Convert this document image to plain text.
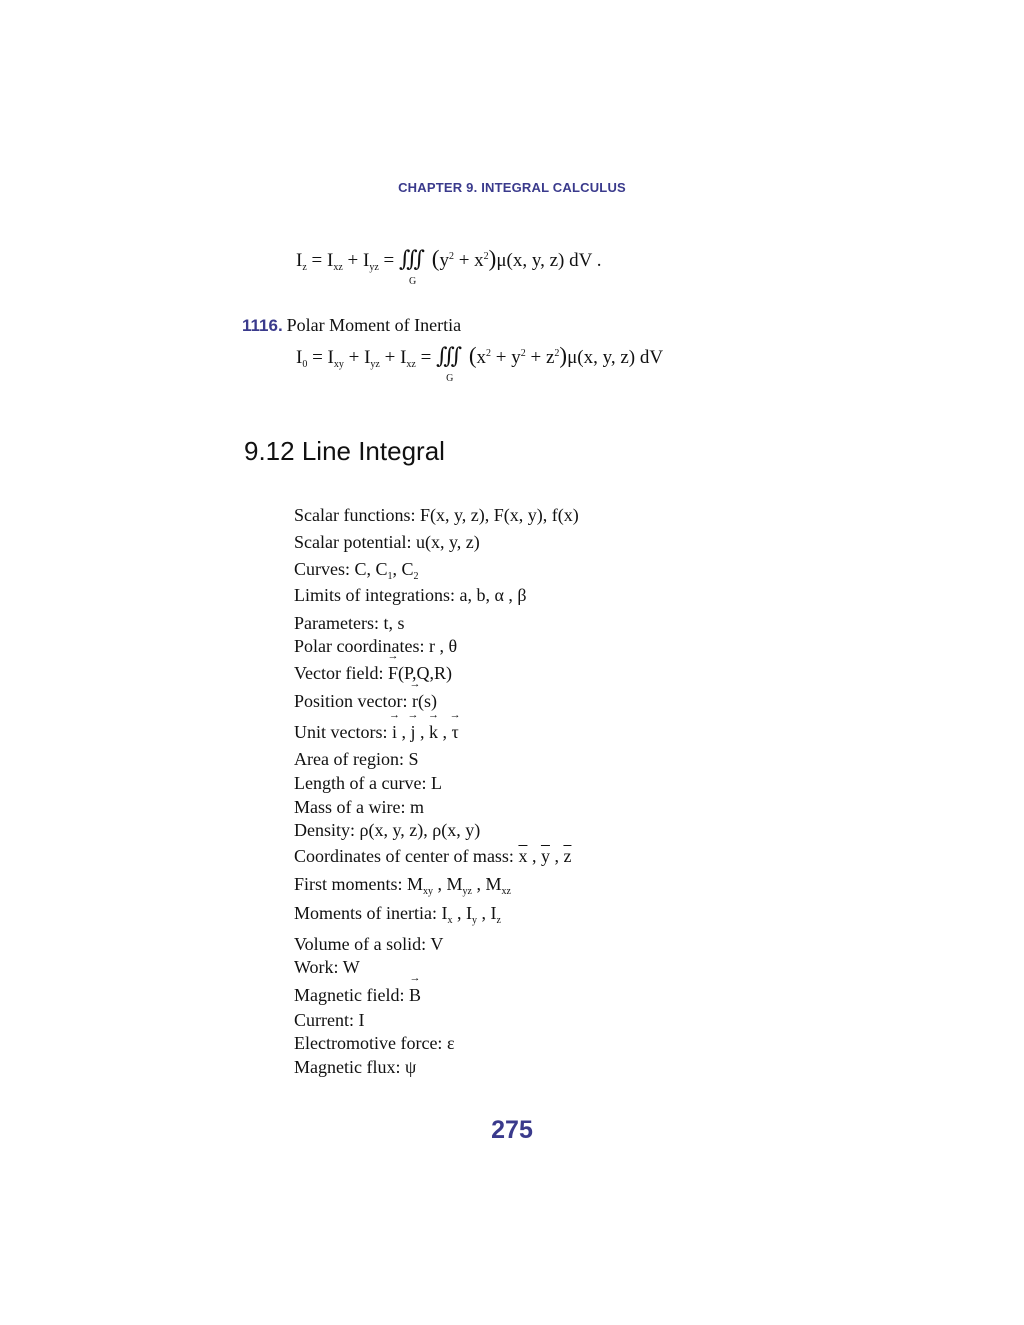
CHAPTER 9. INTEGRAL CALCULUS
$I_z = I_{xz} + I_{yz}$ = ∭
G
$(y^2 + x^2)\mu(x$, y, z) dV .
1116. Polar Moment of Inertia
$I_0 = I_{xy} + I_{yz} + I_{xz}$ = ∭
G
$(x^2 + y^2 + z^2)\mu(x$, y, z) dV
9.12 Line Integral
Scalar functions: F(x, y, z), F(x, y), f(x)
Scalar potential: u(x, y, z)
Curves: C, $C_1$, $C_2$
Limits of integrations: a, b, α , β
Parameters: t, s
Polar coordinates: r , θ
Vector field: → F(P,Q,R)
Position vector: → r(s)
Unit vectors: → i , → j , → k , → τ
Area of region: S
Length of a curve: L
Mass of a wire: m
Density: ρ(x, y, z), ρ(x, y)
Coordinates of center of mass: $\overline{x}$ , $\overline{y}$ , $\overline{z}$
First moments: $M_{xy}$ , $M_{yz}$ , $M_{xz}$
Moments of inertia: $I_x$ , $I_y$ , $I_z$
Volume of a solid: V
Work: W
Magnetic field: → B
Current: I
Electromotive force: ε
Magnetic flux: ψ
275
